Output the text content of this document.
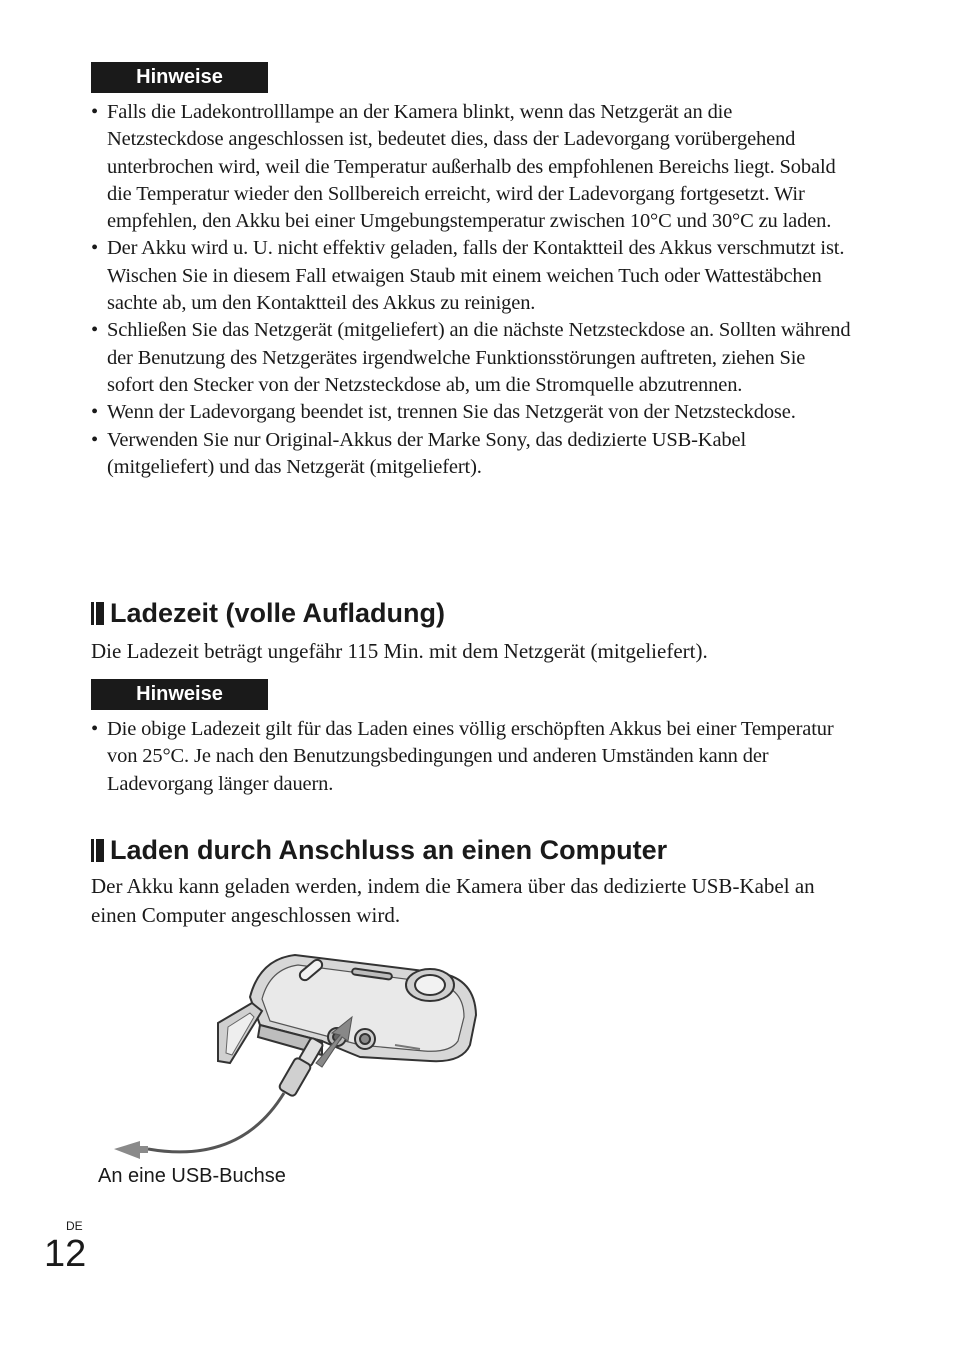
Hinweise
• Falls die Ladekontrolllampe an der Kamera blinkt, wenn das Netzgerät an die Netzsteckdose angeschlossen ist, bedeutet dies, dass der Ladevorgang vorübergehend unterbrochen wird, weil die Temperatur außerhalb des empfohlenen Bereichs liegt. Sobald die Temperatur wieder den Sollbereich erreicht, wird der Ladevorgang fortgesetzt. Wir empfehlen, den Akku bei einer Umgebungstemperatur zwischen 10°C und 30°C zu laden.
• Der Akku wird u. U. nicht effektiv geladen, falls der Kontaktteil des Akkus verschmutzt ist. Wischen Sie in diesem Fall etwaigen Staub mit einem weichen Tuch oder Wattestäbchen sachte ab, um den Kontaktteil des Akkus zu reinigen.
• Schließen Sie das Netzgerät (mitgeliefert) an die nächste Netzsteckdose an. Sollten während der Benutzung des Netzgerätes irgendwelche Funktionsstörungen auftreten, ziehen Sie sofort den Stecker von der Netzsteckdose ab, um die Stromquelle abzutrennen.
• Wenn der Ladevorgang beendet ist, trennen Sie das Netzgerät von der Netzsteckdose.
• Verwenden Sie nur Original-Akkus der Marke Sony, das dedizierte USB-Kabel (mitgeliefert) und das Netzgerät (mitgeliefert).
Ladezeit (volle Aufladung)

Die Ladezeit beträgt ungefähr 115 Min. mit dem Netzgerät (mitgeliefert).

Hinweise
• Die obige Ladezeit gilt für das Laden eines völlig erschöpften Akkus bei einer Temperatur von 25°C. Je nach den Benutzungsbedingungen und anderen Umständen kann der Ladevorgang länger dauern.
Laden durch Anschluss an einen Computer

Der Akku kann geladen werden, indem die Kamera über das dedizierte USB-Kabel an einen Computer angeschlossen wird.

An eine USB-Buchse
DE
12
